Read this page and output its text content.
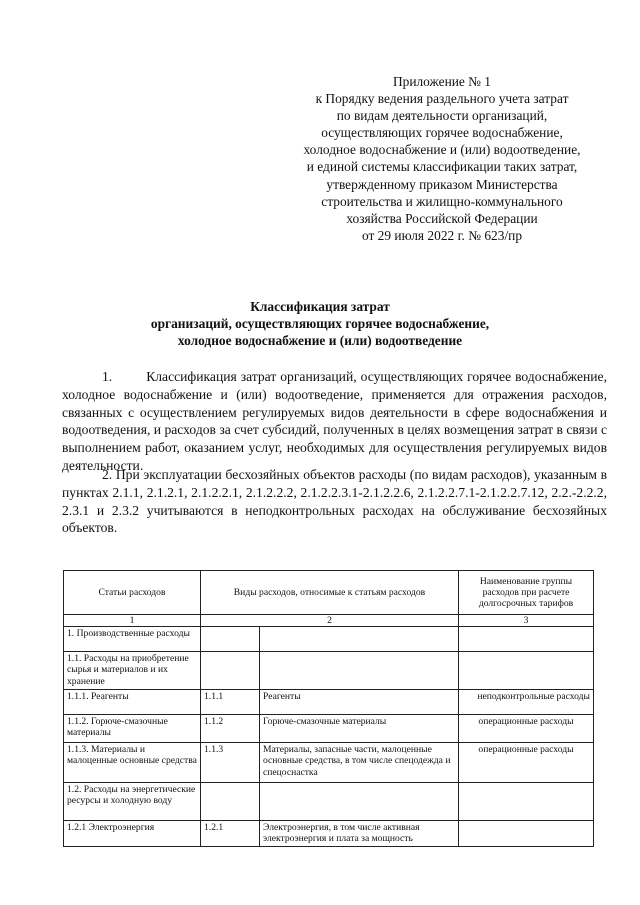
Приложение № 1
к Порядку ведения раздельного учета затрат
по видам деятельности организаций,
осуществляющих горячее водоснабжение,
холодное водоснабжение и (или) водоотведение,
и единой системы классификации таких затрат,
утвержденному приказом Министерства
строительства и жилищно-коммунального
хозяйства Российской Федерации
от 29 июля 2022 г. № 623/пр
Классификация затрат
организаций, осуществляющих горячее водоснабжение,
холодное водоснабжение и (или) водоотведение
1.	Классификация затрат организаций, осуществляющих горячее водоснабжение, холодное водоснабжение и (или) водоотведение, применяется для отражения расходов, связанных с осуществлением регулируемых видов деятельности в сфере водоснабжения и водоотведения, и расходов за счет субсидий, полученных в целях возмещения затрат в связи с выполнением работ, оказанием услуг, необходимых для осуществления регулируемых видов деятельности.
2. При эксплуатации бесхозяйных объектов расходы (по видам расходов), указанным в пунктах 2.1.1, 2.1.2.1, 2.1.2.2.1, 2.1.2.2.2, 2.1.2.2.3.1-2.1.2.2.6, 2.1.2.2.7.1-2.1.2.2.7.12, 2.2.-2.2.2, 2.3.1 и 2.3.2 учитываются в неподконтрольных расходах на обслуживание бесхозяйных объектов.
Статьи расходов	Виды расходов, относимые к статьям расходов		Наименование группы расходов при расчете долгосрочных тарифов
1	2		3
1. Производственные расходы			
1.1. Расходы на приобретение сырья и материалов и их хранение			
1.1.1. Реагенты	1.1.1	Реагенты	неподконтрольные расходы
1.1.2. Горюче-смазочные материалы	1.1.2	Горюче-смазочные материалы	операционные расходы
1.1.3. Материалы и малоценные основные средства	1.1.3	Материалы, запасные части, малоценные основные средства, в том числе спецодежда и спецоснастка	операционные расходы
1.2. Расходы на энергетические ресурсы и холодную воду			
1.2.1 Электроэнергия	1.2.1	Электроэнергия, в том числе активная электроэнергия и плата за мощность	
